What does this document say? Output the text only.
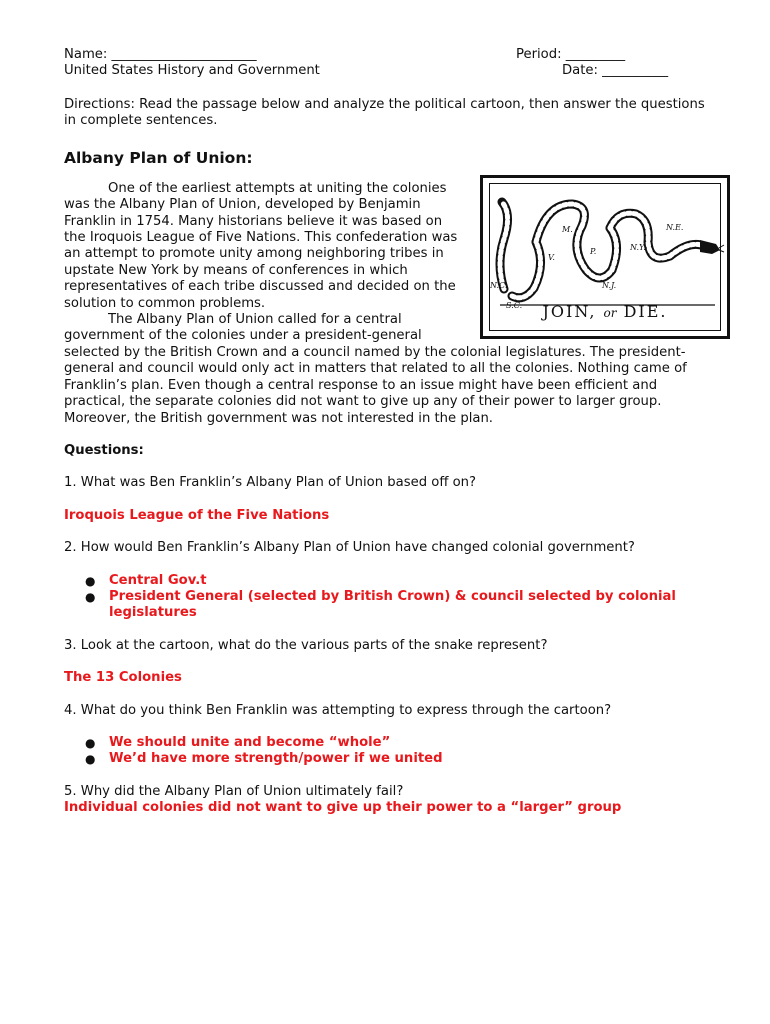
Name: ______________________
United States History and Government
Period: _________
Date: __________

Directions: Read the passage below and analyze the political cartoon, then answer the questions in complete sentences.

Albany Plan of Union:
S.C.
N.C.
V.
M.
P.
N.J.
N.Y.
N.E.
JOIN, or DIE.

One of the earliest attempts at uniting the colonies was the Albany Plan of Union, developed by Benjamin Franklin in 1754. Many historians believe it was based on the Iroquois League of Five Nations. This confederation was an attempt to promote unity among neighboring tribes in upstate New York by means of conferences in which representatives of each tribe discussed and decided on the solution to common problems.

The Albany Plan of Union called for a central government of the colonies under a president-general selected by the British Crown and a council named by the colonial legislatures. The president-general and council would only act in matters that related to all the colonies. Nothing came of Franklin’s plan. Even though a central response to an issue might have been efficient and practical, the separate colonies did not want to give up any of their power to larger group. Moreover, the British government was not interested in the plan.

Questions:

1. What was Ben Franklin’s Albany Plan of Union based off on?

Iroquois League of the Five Nations

2. How would Ben Franklin’s Albany Plan of Union have changed colonial government?

● Central Gov.t
● President General (selected by British Crown) & council selected by colonial legislatures

3. Look at the cartoon, what do the various parts of the snake represent?

The 13 Colonies

4. What do you think Ben Franklin was attempting to express through the cartoon?

● We should unite and become “whole”
● We’d have more strength/power if we united

5. Why did the Albany Plan of Union ultimately fail?

Individual colonies did not want to give up their power to a “larger” group
